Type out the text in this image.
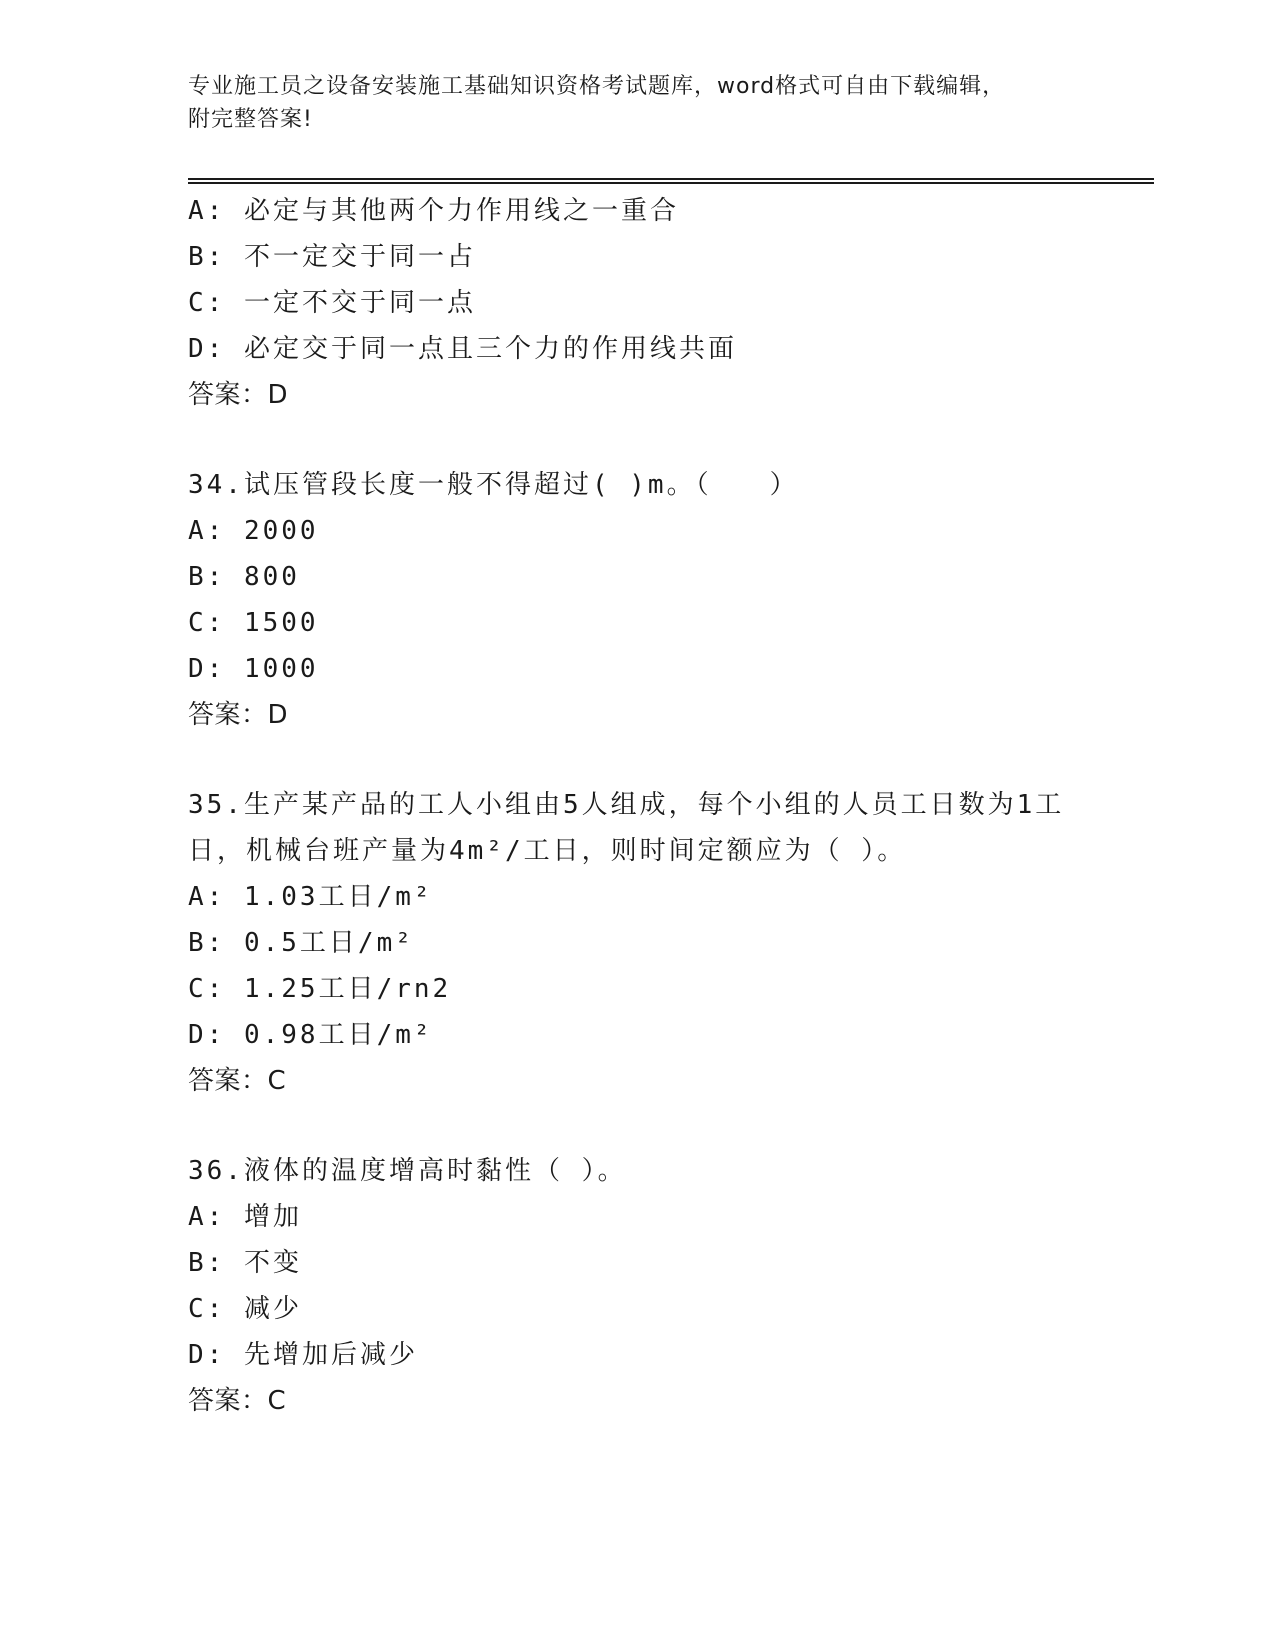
专业施工员之设备安装施工基础知识资格考试题库，word格式可自由下载编辑，
附完整答案!
A: 必定与其他两个力作用线之一重合
B: 不一定交于同一占
C: 一定不交于同一点
D: 必定交于同一点且三个力的作用线共面
答案：D
34.试压管段长度一般不得超过( )m。（　　）
A: 2000
B: 800
C: 1500
D: 1000
答案：D
35.生产某产品的工人小组由5人组成，每个小组的人员工日数为1工
日，机械台班产量为4m²/工日，则时间定额应为（ ）。
A: 1.03工日/m²
B: 0.5工日/m²
C: 1.25工日/rn2
D: 0.98工日/m²
答案：C
36.液体的温度增高时黏性（ ）。
A: 增加
B: 不变
C: 减少
D: 先增加后减少
答案：C
